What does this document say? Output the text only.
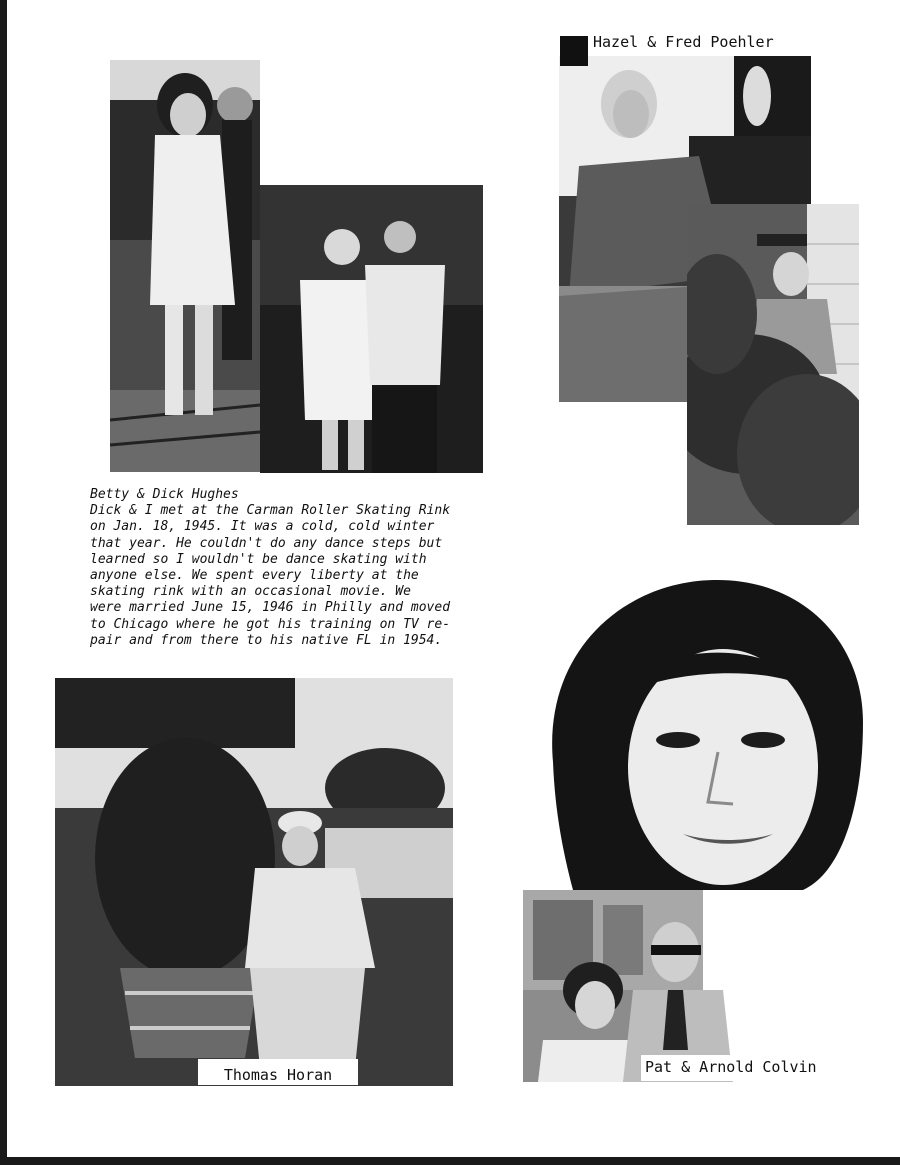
Hazel & Fred Poehler
Betty & Dick Hughes
Dick & I met at the Carman Roller Skating Rink
on Jan. 18, 1945. It was a cold, cold winter
that year. He couldn't do any dance steps but
learned so I wouldn't be dance skating with
anyone else. We spent every liberty at the
skating rink with an occasional movie. We
were married June 15, 1946 in Philly and moved
to Chicago where he got his training on TV re-
pair and from there to his native FL in 1954.
Thomas Horan	Pat & Arnold Colvin
